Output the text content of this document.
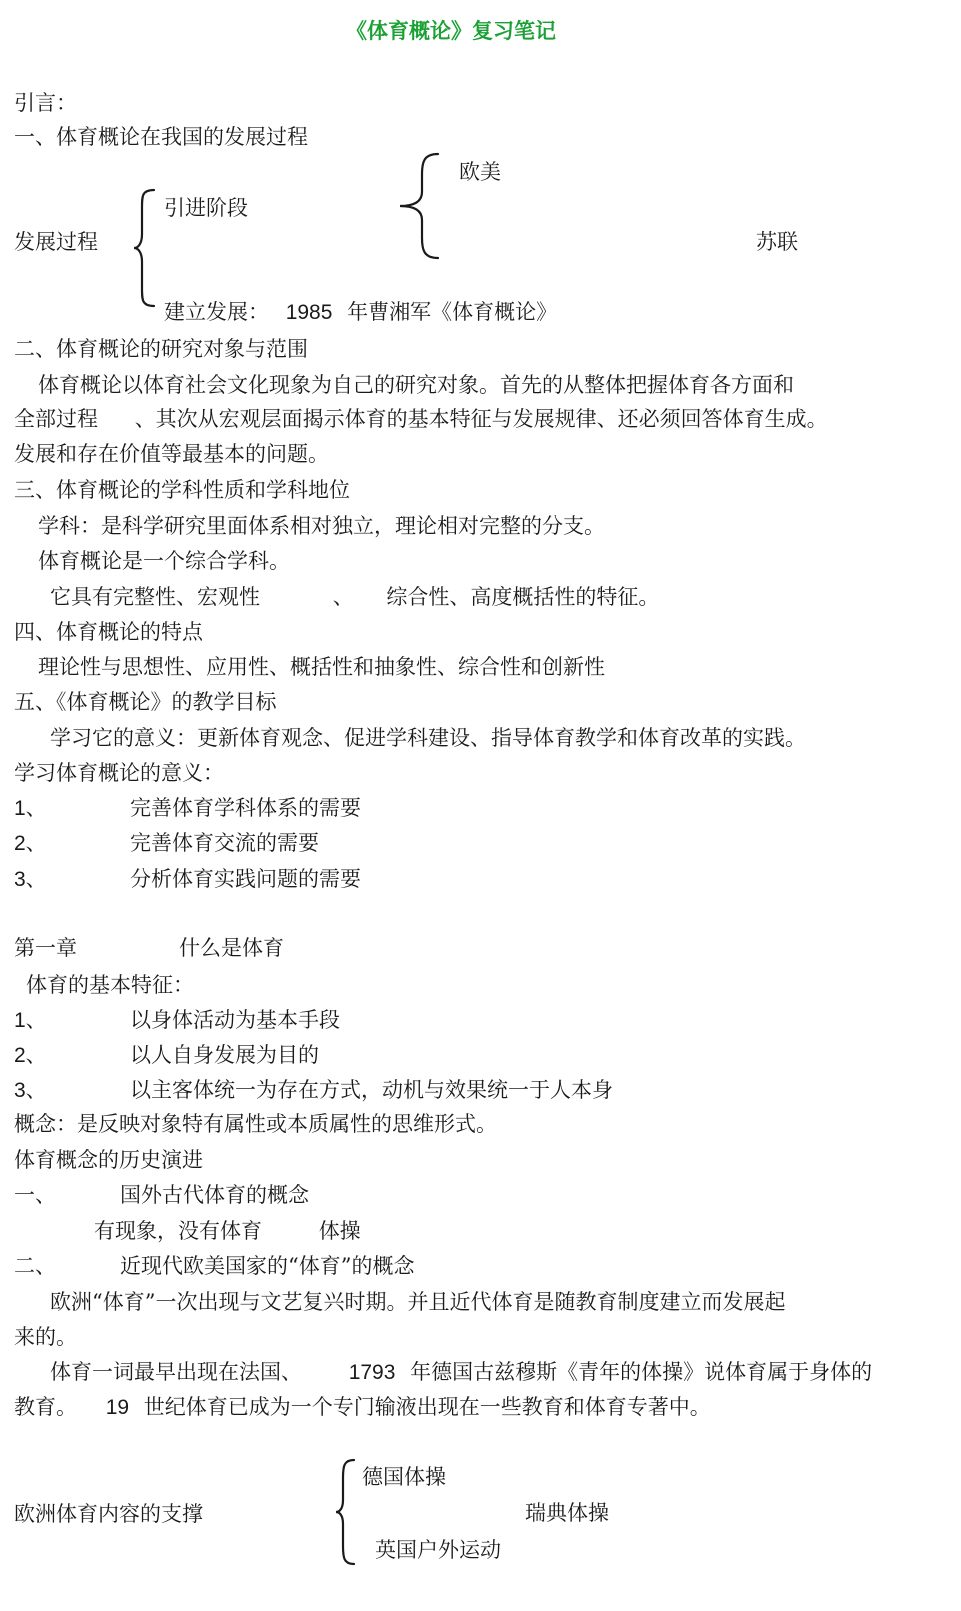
《体育概论》复习笔记
引言：
一、体育概论在我国的发展过程
发展过程
引进阶段
欧美
苏联
建立发展： 1985 年曹湘军《体育概论》
二、体育概论的研究对象与范围
体育概论以体育社会文化现象为自己的研究对象。首先的从整体把握体育各方面和
全部过程 、其次从宏观层面揭示体育的基本特征与发展规律、还必须回答体育生成。
发展和存在价值等最基本的问题。
三、体育概论的学科性质和学科地位
学科：是科学研究里面体系相对独立，理论相对完整的分支。
体育概论是一个综合学科。
它具有完整性、宏观性	、 综合性、高度概括性的特征。
四、体育概论的特点
理论性与思想性、应用性、概括性和抽象性、综合性和创新性
五、《体育概论》的教学目标
学习它的意义：更新体育观念、促进学科建设、指导体育教学和体育改革的实践。
学习体育概论的意义：
1、	完善体育学科体系的需要
2、	完善体育交流的需要
3、	分析体育实践问题的需要
第一章	什么是体育
体育的基本特征：
1、	以身体活动为基本手段
2、	以人自身发展为目的
3、	以主客体统一为存在方式，动机与效果统一于人本身
概念：是反映对象特有属性或本质属性的思维形式。
体育概念的历史演进
一、	国外古代体育的概念
有现象，没有体育	体操
二、	近现代欧美国家的“体育”的概念
欧洲“体育”一次出现与文艺复兴时期。并且近代体育是随教育制度建立而发展起
来的。
体育一词最早出现在法国、 1793 年德国古兹穆斯《青年的体操》说体育属于身体的
教育。 19 世纪体育已成为一个专门输液出现在一些教育和体育专著中。
欧洲体育内容的支撑
德国体操
瑞典体操
英国户外运动
